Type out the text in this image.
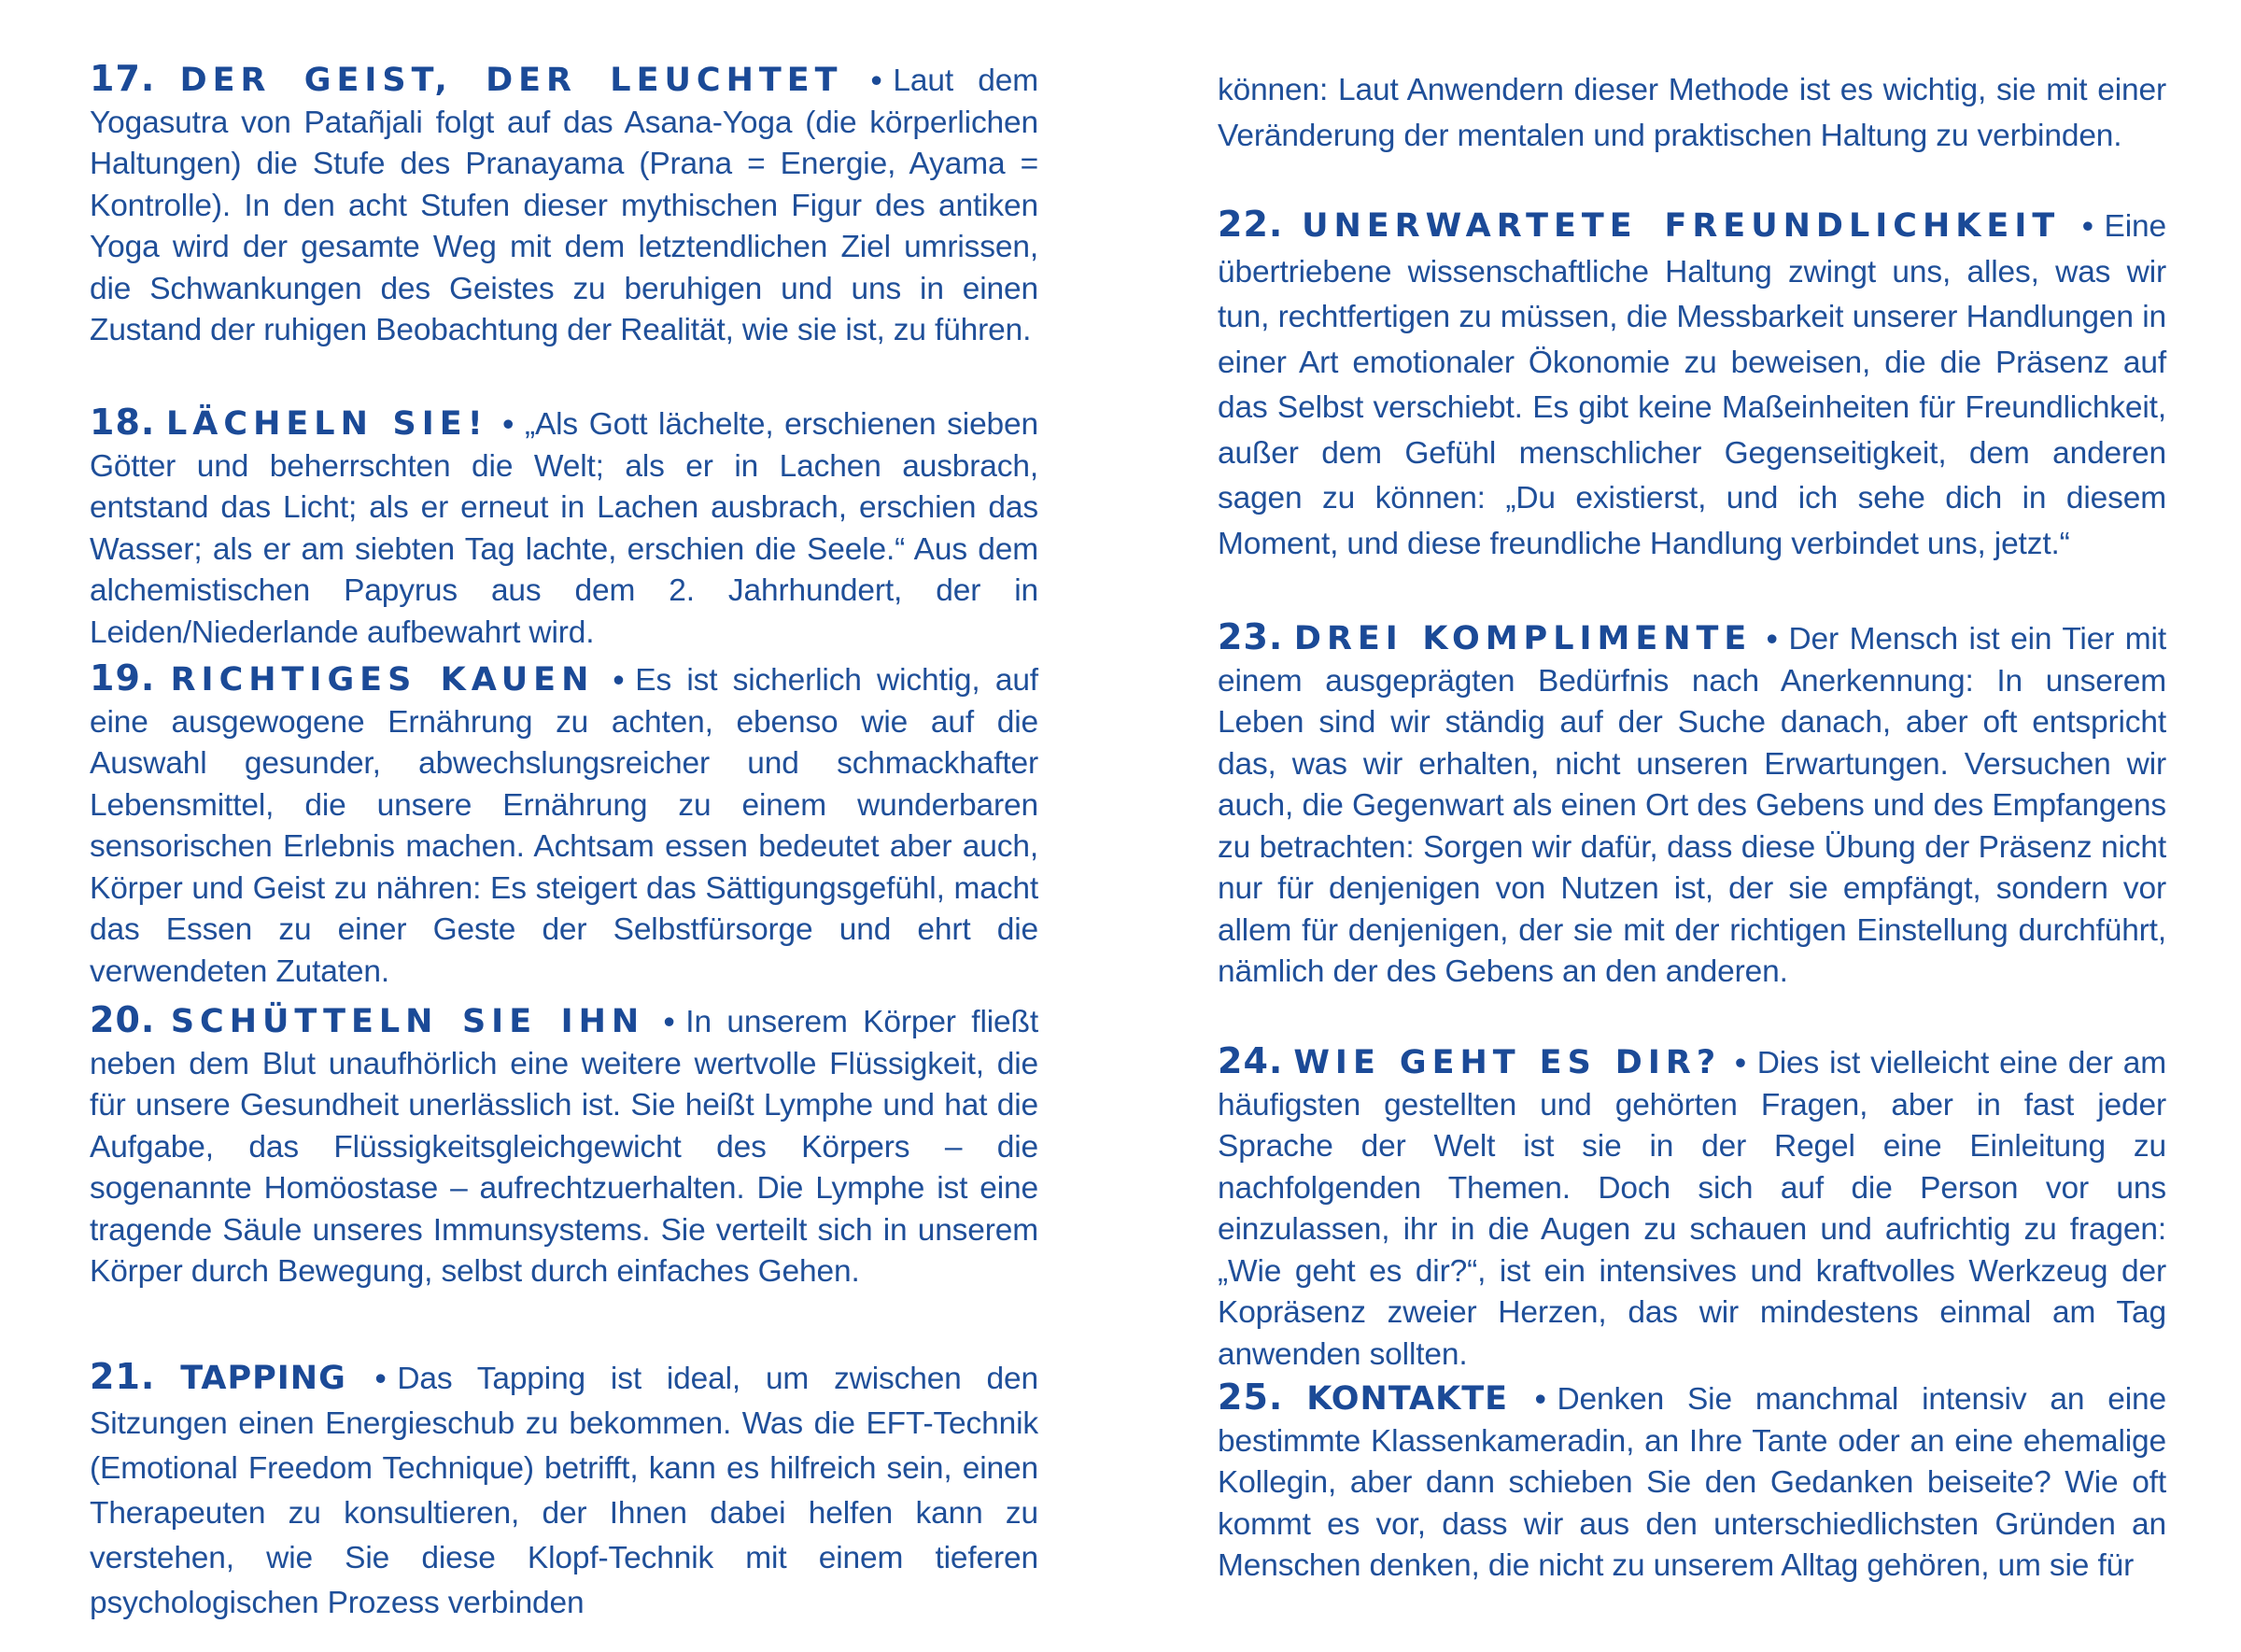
17. DER GEIST, DER LEUCHTET • Laut dem Yogasutra von Patañjali folgt auf das Asana-Yoga (die körperlichen Haltungen) die Stufe des Pranayama (Prana = Energie, Ayama = Kontrolle). In den acht Stufen dieser mythischen Figur des antiken Yoga wird der gesamte Weg mit dem letztendlichen Ziel umrissen, die Schwankungen des Geistes zu beruhigen und uns in einen Zustand der ruhigen Beobachtung der Realität, wie sie ist, zu führen.

18. LÄCHELN SIE! • „Als Gott lächelte, erschienen sieben Götter und beherrschten die Welt; als er in Lachen ausbrach, entstand das Licht; als er erneut in Lachen ausbrach, erschien das Wasser; als er am siebten Tag lachte, erschien die Seele.“ Aus dem alchemistischen Papyrus aus dem 2. Jahrhundert, der in Leiden/Niederlande aufbewahrt wird.

19. RICHTIGES KAUEN • Es ist sicherlich wichtig, auf eine ausgewogene Ernährung zu achten, ebenso wie auf die Auswahl gesunder, abwechslungsreicher und schmackhafter Lebensmittel, die unsere Ernährung zu einem wunderbaren sensorischen Erlebnis machen. Achtsam essen bedeutet aber auch, Körper und Geist zu nähren: Es steigert das Sättigungsgefühl, macht das Essen zu einer Geste der Selbstfürsorge und ehrt die verwendeten Zutaten.

20. SCHÜTTELN SIE IHN • In unserem Körper fließt neben dem Blut unaufhörlich eine weitere wertvolle Flüssigkeit, die für unsere Gesundheit unerlässlich ist. Sie heißt Lymphe und hat die Aufgabe, das Flüssigkeitsgleichgewicht des Körpers – die sogenannte Homöostase – aufrechtzuerhalten. Die Lymphe ist eine tragende Säule unseres Immunsystems. Sie verteilt sich in unserem Körper durch Bewegung, selbst durch einfaches Gehen.

21. TAPPING • Das Tapping ist ideal, um zwischen den Sitzungen einen Energieschub zu bekommen. Was die EFT-Technik (Emotional Freedom Technique) betrifft, kann es hilfreich sein, einen Therapeuten zu konsultieren, der Ihnen dabei helfen kann zu verstehen, wie Sie diese Klopf-Technik mit einem tieferen psychologischen Prozess verbinden

können: Laut Anwendern dieser Methode ist es wichtig, sie mit einer Veränderung der mentalen und praktischen Haltung zu verbinden.

22. UNERWARTETE FREUNDLICHKEIT • Eine übertriebene wissenschaftliche Haltung zwingt uns, alles, was wir tun, rechtfertigen zu müssen, die Messbarkeit unserer Handlungen in einer Art emotionaler Ökonomie zu beweisen, die die Präsenz auf das Selbst verschiebt. Es gibt keine Maßeinheiten für Freundlichkeit, außer dem Gefühl menschlicher Gegenseitigkeit, dem anderen sagen zu können: „Du existierst, und ich sehe dich in diesem Moment, und diese freundliche Handlung verbindet uns, jetzt.“

23. DREI KOMPLIMENTE • Der Mensch ist ein Tier mit einem ausgeprägten Bedürfnis nach Anerkennung: In unserem Leben sind wir ständig auf der Suche danach, aber oft entspricht das, was wir erhalten, nicht unseren Erwartungen. Versuchen wir auch, die Gegenwart als einen Ort des Gebens und des Empfangens zu betrachten: Sorgen wir dafür, dass diese Übung der Präsenz nicht nur für denjenigen von Nutzen ist, der sie empfängt, sondern vor allem für denjenigen, der sie mit der richtigen Einstellung durchführt, nämlich der des Gebens an den anderen.

24. WIE GEHT ES DIR? • Dies ist vielleicht eine der am häufigsten gestellten und gehörten Fragen, aber in fast jeder Sprache der Welt ist sie in der Regel eine Einleitung zu nachfolgenden Themen. Doch sich auf die Person vor uns einzulassen, ihr in die Augen zu schauen und aufrichtig zu fragen: „Wie geht es dir?“, ist ein intensives und kraftvolles Werkzeug der Kopräsenz zweier Herzen, das wir mindestens einmal am Tag anwenden sollten.

25. KONTAKTE • Denken Sie manchmal intensiv an eine bestimmte Klassenkameradin, an Ihre Tante oder an eine ehemalige Kollegin, aber dann schieben Sie den Gedanken beiseite? Wie oft kommt es vor, dass wir aus den unterschiedlichsten Gründen an Menschen denken, die nicht zu unserem Alltag gehören, um sie für
